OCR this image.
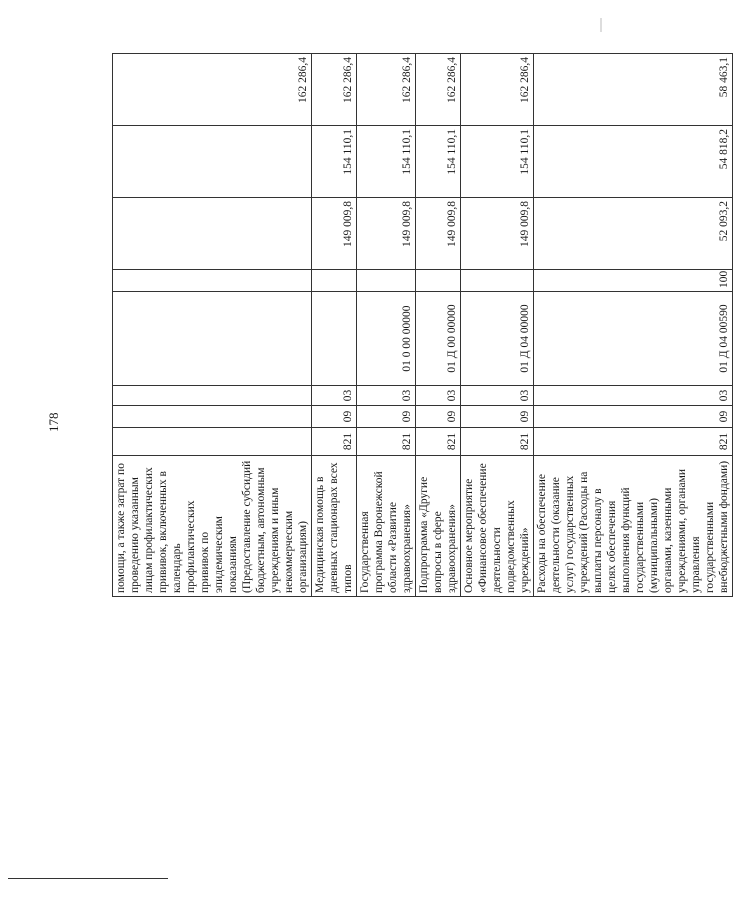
178
помощи, а также затрат по проведению указанным лицам профилактических прививок, включенных в календарь профилактических прививок по эпидемическим показаниям (Предоставление субсидий бюджетным, автономным учреждениям и иным некоммерческим организациям)								162 286,4
Медицинская помощь в дневных стационарах всех типов	821	09	03			149 009,8	154 110,1	162 286,4
Государственная программа Воронежской области «Развитие здравоохранения»	821	09	03	01 0 00 00000		149 009,8	154 110,1	162 286,4
Подпрограмма «Другие вопросы в сфере здравоохранения»	821	09	03	01 Д 00 00000		149 009,8	154 110,1	162 286,4
Основное мероприятие «Финансовое обеспечение деятельности подведомственных учреждений»	821	09	03	01 Д 04 00000		149 009,8	154 110,1	162 286,4
Расходы на обеспечение деятельности (оказание услуг) государственных учреждений (Расходы на выплаты персоналу в целях обеспечения выполнения функций государственными (муниципальными) органами, казенными учреждениями, органами управления государственными внебюджетными фондами)	821	09	03	01 Д 04 00590	100	52 093,2	54 818,2	58 463,1
